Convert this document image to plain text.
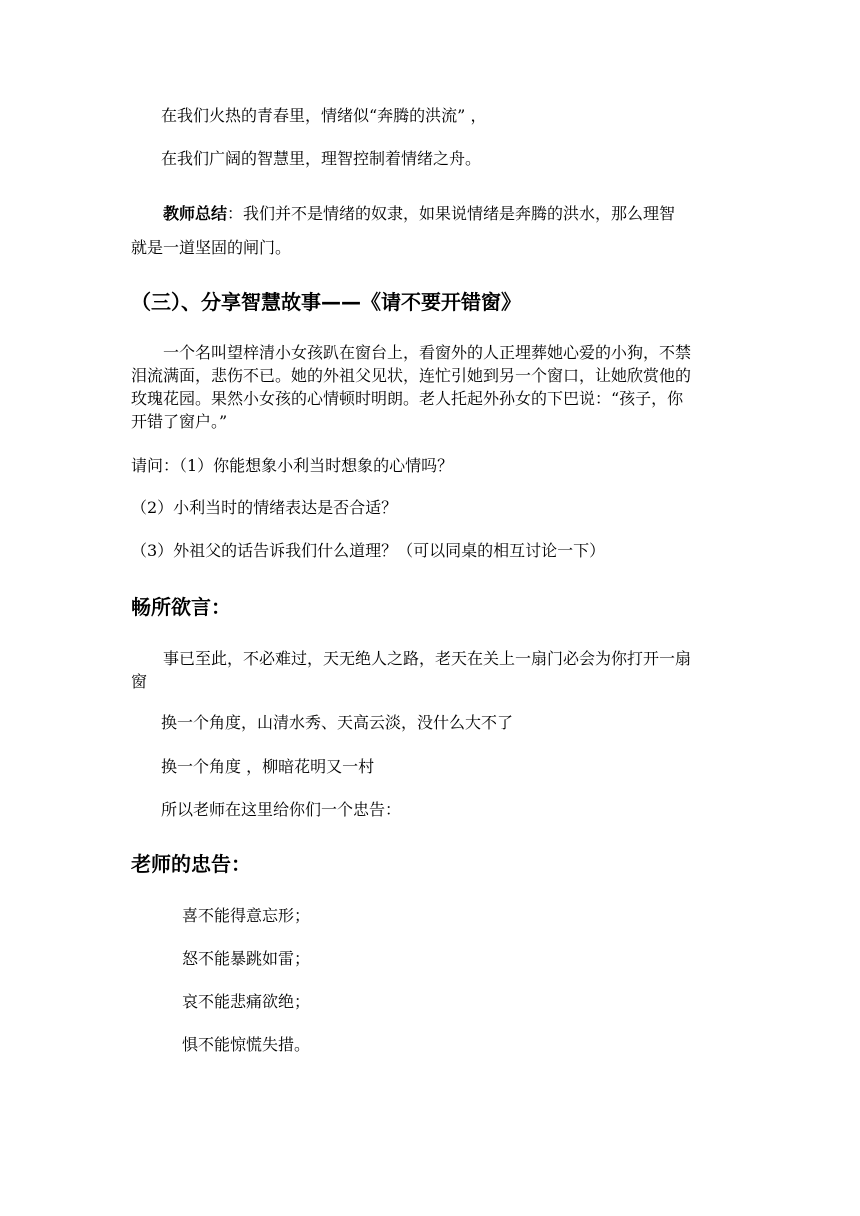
在我们火热的青春里，情绪似“奔腾的洪流” ，
在我们广阔的智慧里，理智控制着情绪之舟。
教师总结：我们并不是情绪的奴隶，如果说情绪是奔腾的洪水，那么理智
就是一道坚固的闸门。
（三）、分享智慧故事——《请不要开错窗》
一个名叫望梓清小女孩趴在窗台上，看窗外的人正埋葬她心爱的小狗，不禁
泪流满面，悲伤不已。她的外祖父见状，连忙引她到另一个窗口，让她欣赏他的
玫瑰花园。果然小女孩的心情顿时明朗。老人托起外孙女的下巴说：“孩子，你
开错了窗户。”
请问：（1）你能想象小利当时想象的心情吗？
（2）小利当时的情绪表达是否合适？
（3）外祖父的话告诉我们什么道理？（可以同桌的相互讨论一下）
畅所欲言：
事已至此，不必难过，天无绝人之路，老天在关上一扇门必会为你打开一扇
窗
换一个角度，山清水秀、天高云淡，没什么大不了
换一个角度 ，柳暗花明又一村
所以老师在这里给你们一个忠告：
老师的忠告：
喜不能得意忘形；
怒不能暴跳如雷；
哀不能悲痛欲绝；
惧不能惊慌失措。
